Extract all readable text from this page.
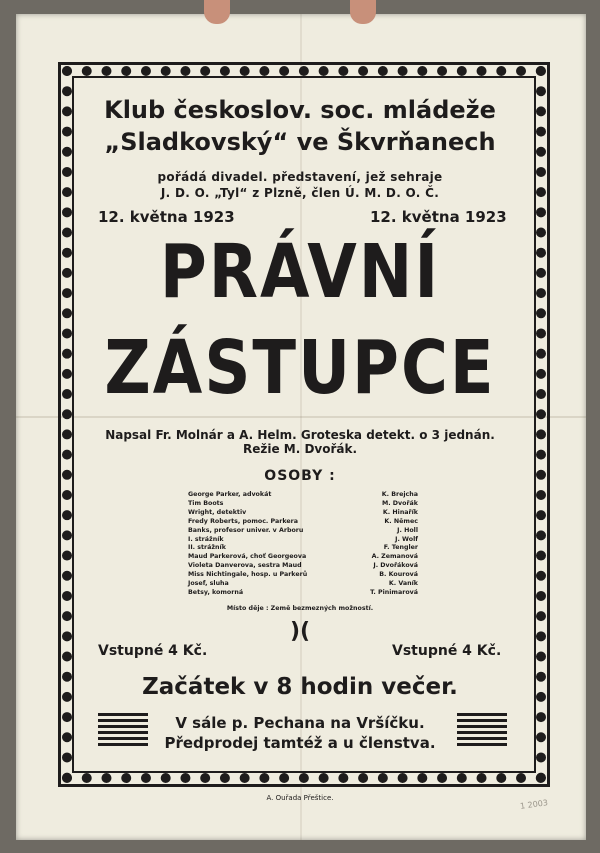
Klub českoslov. soc. mládeže
„Sladkovský“ ve Škvrňanech
pořádá divadel. představení, jež sehraje
J. D. O. „Tyl“ z Plzně, člen Ú. M. D. O. Č.
12. května 1923	12. května 1923
PRÁVNÍ
ZÁSTUPCE
Napsal Fr. Molnár a A. Helm. Groteska detekt. o 3 jednán.
Režie M. Dvořák.
OSOBY :
George Parker, advokát	K. Brejcha
Tim Boots	M. Dvořák
Wright, detektiv	K. Hinařík
Fredy Roberts, pomoc. Parkera	K. Němec
Banks, profesor univer. v Arboru	J. Holl
I. strážník	J. Wolf
II. strážník	F. Tengler
Maud Parkerová, choť Georgeova	A. Zemanová
Violeta Danverova, sestra Maud	J. Dvořáková
Miss Nichtingale, hosp. u Parkerů	B. Kourová
Josef, sluha	K. Vaník
Betsy, komorná	T. Pinimarová
Místo děje : Země bezmezných možností.
)(
Vstupné 4 Kč.	Vstupné 4 Kč.
Začátek v 8 hodin večer.
V sále p. Pechana na Vršíčku.
Předprodej tamtéž a u členstva.
A. Ouřada Přeštice.
1 2003
